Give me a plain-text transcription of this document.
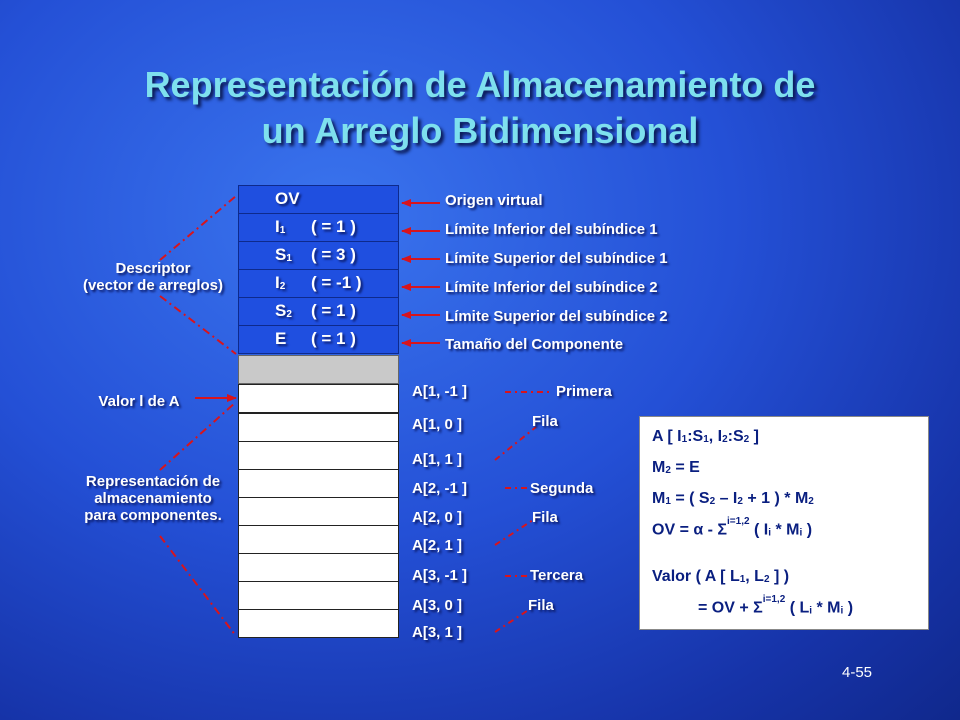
Representación de Almacenamiento de
un Arreglo Bidimensional
OV
$I_1$ ( = 1 )
$S_1$ ( = 3 )
$I_2$ ( = -1 )
$S_2$ ( = 1 )
E ( = 1 )
Origen virtual
Límite Inferior del subíndice 1
Límite Superior del subíndice 1
Límite Inferior del subíndice 2
Límite Superior del subíndice 2
Tamaño del Componente
Descriptor
(vector de arreglos)
Valor l de A
Representación de
almacenamiento
para componentes.
A[1, -1 ]
A[1, 0 ]
A[1, 1 ]
A[2, -1 ]
A[2, 0 ]
A[2, 1 ]
A[3, -1 ]
A[3, 0 ]
A[3, 1 ]
Primera
Fila
Segunda
Fila
Tercera
Fila
A [ $I_1:S_1$, $I_2:S_2$ ]
$M_2 = E$
$M_1$ = ( $S_2 - I_2 + 1$ ) * $M_2$
OV = α - $\Sigma^{i=1,2}$ ( $I_i * M_i$ )
Valor ( A [ $L_1$, $L_2$ ] )
= OV + $\Sigma^{i=1,2}$ ( $L_i * M_i$ )
4-55
